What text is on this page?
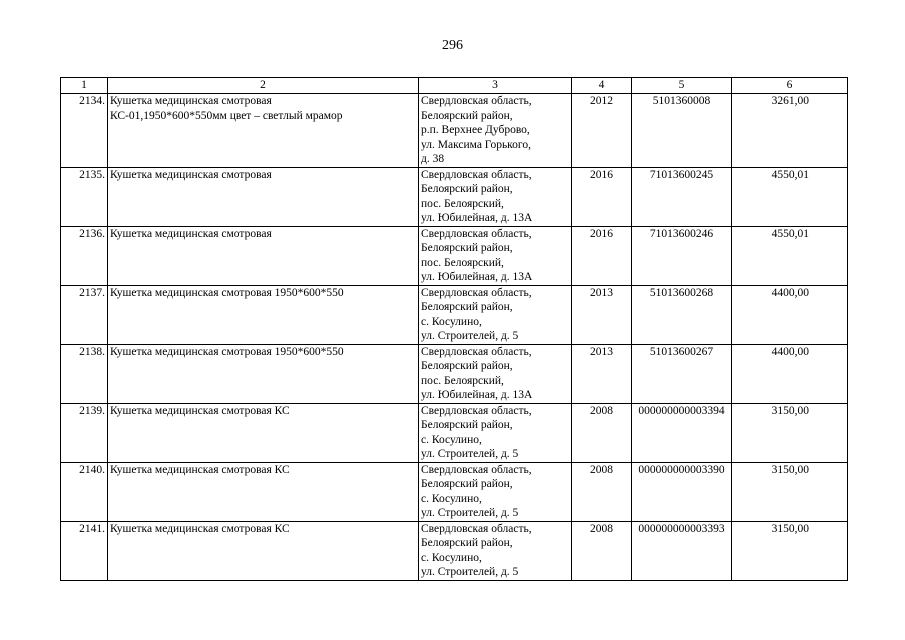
296
1	2	3	4	5	6
2134.	Кушетка медицинская смотровая
КС-01,1950*600*550мм цвет – светлый мрамор	Свердловская область,
Белоярский район,
р.п. Верхнее Дуброво,
ул. Максима Горького,
д. 38	2012	5101360008	3261,00
2135.	Кушетка медицинская смотровая	Свердловская область,
Белоярский район,
пос. Белоярский,
ул. Юбилейная, д. 13А	2016	71013600245	4550,01
2136.	Кушетка медицинская смотровая	Свердловская область,
Белоярский район,
пос. Белоярский,
ул. Юбилейная, д. 13А	2016	71013600246	4550,01
2137.	Кушетка медицинская смотровая 1950*600*550	Свердловская область,
Белоярский район,
с. Косулино,
ул. Строителей, д. 5	2013	51013600268	4400,00
2138.	Кушетка медицинская смотровая 1950*600*550	Свердловская область,
Белоярский район,
пос. Белоярский,
ул. Юбилейная, д. 13А	2013	51013600267	4400,00
2139.	Кушетка медицинская смотровая КС	Свердловская область,
Белоярский район,
с. Косулино,
ул. Строителей, д. 5	2008	000000000003394	3150,00
2140.	Кушетка медицинская смотровая КС	Свердловская область,
Белоярский район,
с. Косулино,
ул. Строителей, д. 5	2008	000000000003390	3150,00
2141.	Кушетка медицинская смотровая КС	Свердловская область,
Белоярский район,
с. Косулино,
ул. Строителей, д. 5	2008	000000000003393	3150,00
